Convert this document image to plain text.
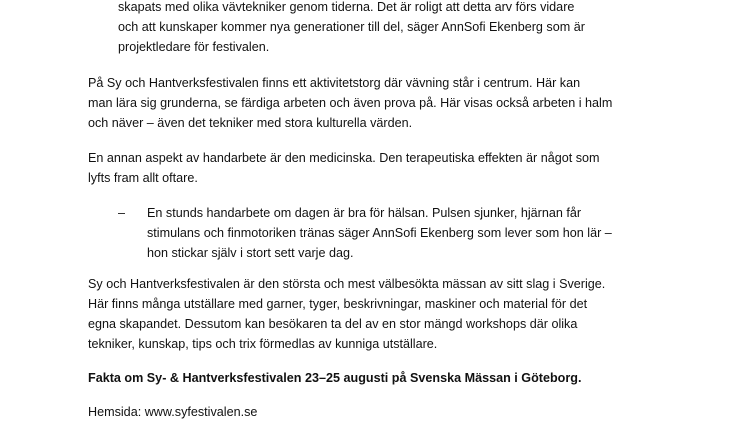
skapats med olika vävtekniker genom tiderna. Det är roligt att detta arv förs vidare
och att kunskaper kommer nya generationer till del, säger AnnSofi Ekenberg som är
projektledare för festivalen.
På Sy och Hantverksfestivalen finns ett aktivitetstorg där vävning står i centrum. Här kan
man lära sig grunderna, se färdiga arbeten och även prova på. Här visas också arbeten i halm
och näver – även det tekniker med stora kulturella värden.
En annan aspekt av handarbete är den medicinska. Den terapeutiska effekten är något som
lyfts fram allt oftare.
–	En stunds handarbete om dagen är bra för hälsan. Pulsen sjunker, hjärnan får
stimulans och finmotoriken tränas säger AnnSofi Ekenberg som lever som hon lär –
hon stickar själv i stort sett varje dag.
Sy och Hantverksfestivalen är den största och mest välbesökta mässan av sitt slag i Sverige.
Här finns många utställare med garner, tyger, beskrivningar, maskiner och material för det
egna skapandet. Dessutom kan besökaren ta del av en stor mängd workshops där olika
tekniker, kunskap, tips och trix förmedlas av kunniga utställare.
Fakta om Sy- & Hantverksfestivalen 23–25 augusti på Svenska Mässan i Göteborg.
Hemsida: www.syfestivalen.se
